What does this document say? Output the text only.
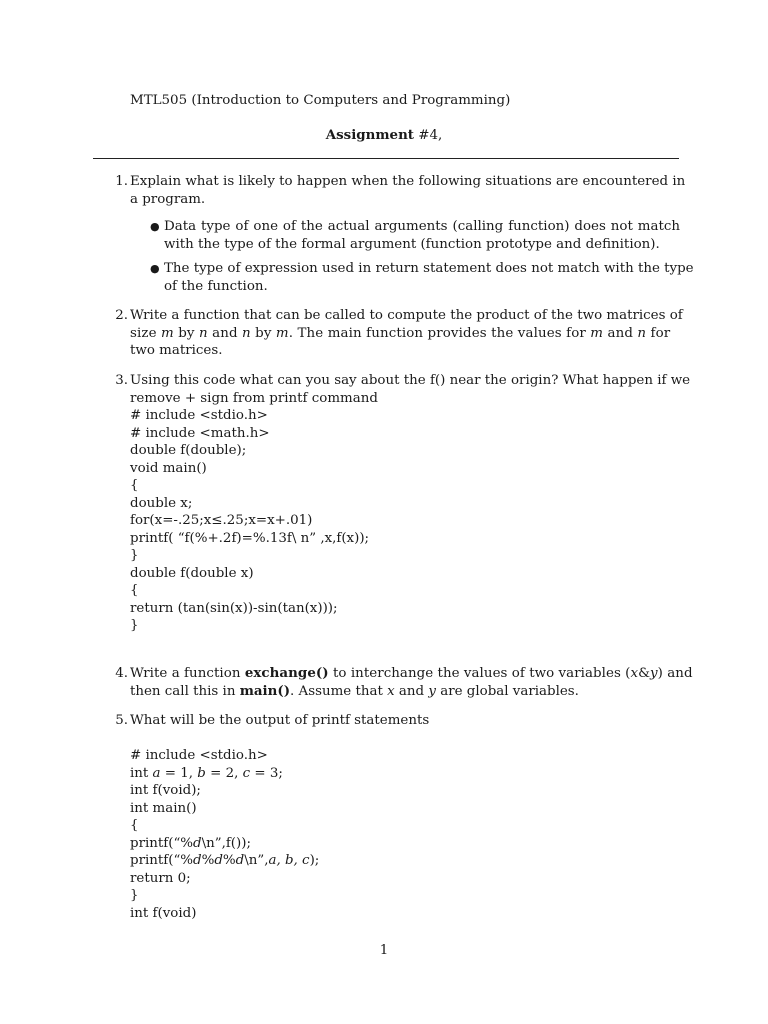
MTL505 (Introduction to Computers and Programming)
Assignment #4,
1. Explain what is likely to happen when the following situations are encountered in
a program.
● Data type of one of the actual arguments (calling function) does not match
with the type of the formal argument (function prototype and definition).
● The type of expression used in return statement does not match with the type
of the function.
2. Write a function that can be called to compute the product of the two matrices of
size m by n and n by m. The main function provides the values for m and n for
two matrices.
3. Using this code what can you say about the f() near the origin? What happen if we
remove + sign from printf command
# include <stdio.h>
# include <math.h>
double f(double);
void main()
{
double x;
for(x=-.25;x≤.25;x=x+.01)
printf( “f(%+.2f)=%.13f\ n” ,x,f(x));
}
double f(double x)
{
return (tan(sin(x))-sin(tan(x)));
}
4. Write a function exchange() to interchange the values of two variables (x&y) and
then call this in main(). Assume that x and y are global variables.
5. What will be the output of printf statements
# include <stdio.h>
int a = 1, b = 2, c = 3;
int f(void);
int main()
{
printf(“%d\n”,f());
printf(“%d%d%d\n”,a, b, c);
return 0;
}
int f(void)
1
